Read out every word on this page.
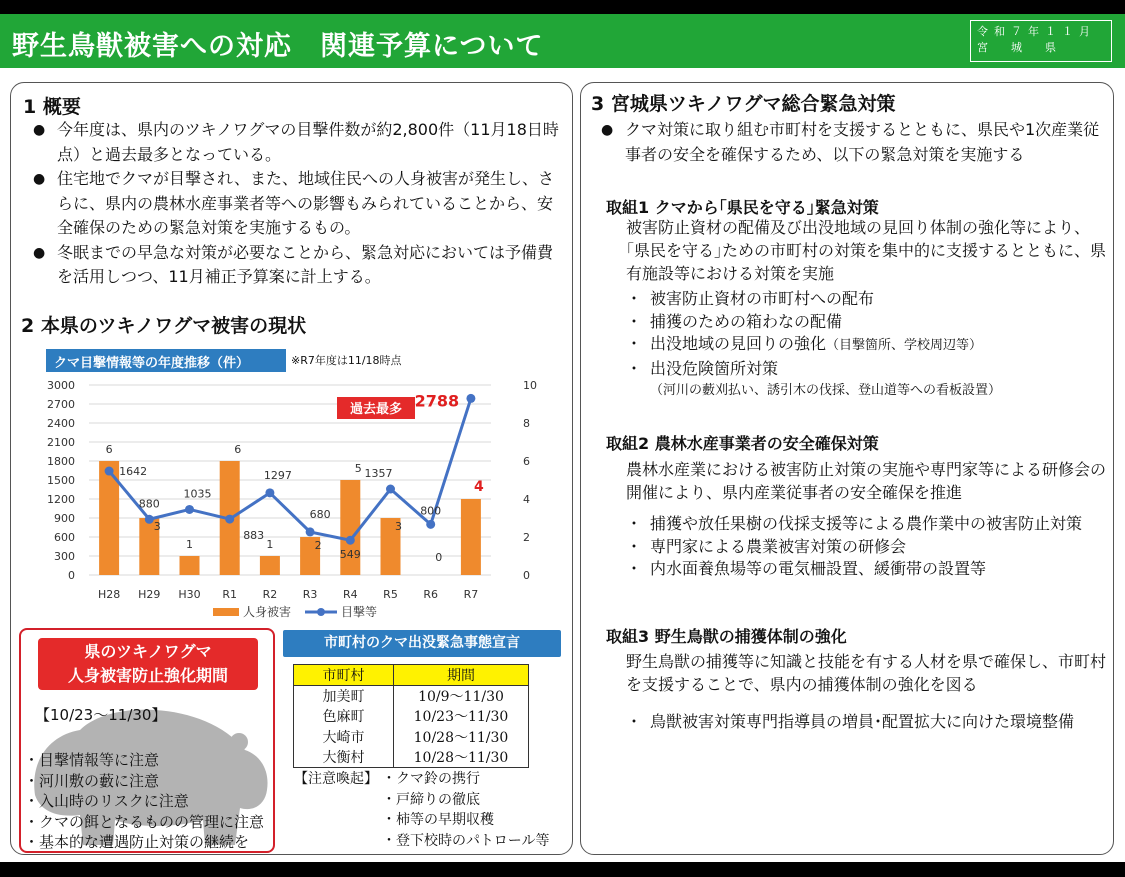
野生鳥獣被害への対応　関連予算について	令和７年１１月
宮　城　県
1 概要
● 今年度は、県内のツキノワグマの目撃件数が約2,800件（11月18日時点）と過去最多となっている。
● 住宅地でクマが目撃され、また、地域住民への人身被害が発生し、さらに、県内の農林水産事業者等への影響もみられていることから、安全確保のための緊急対策を実施するもの。
● 冬眠までの早急な対策が必要なことから、緊急対応においては予備費を活用しつつ、11月補正予算案に計上する。
2 本県のツキノワグマ被害の現状
クマ目撃情報等の年度推移（件）	※R7年度は11/18時点
0
300
600
900
1200
1500
1800
2100
2400
2700
3000
0
2
4
6
8
10
H28 H29 H30 R1 R2 R3 R4 R5 R6 R7
6
3
1
6
1	2
5
3
0
4
1642
880
1035
883
1297
680
549
1357
800
2788
過去最多
人身被害	目撃等
県のツキノワグマ
人身被害防止強化期間
【10/23～11/30】
・目撃情報等に注意
・河川敷の藪に注意
・入山時のリスクに注意
・クマの餌となるものの管理に注意
・基本的な遭遇防止対策の継続を
市町村のクマ出没緊急事態宣言
市町村	期間
加美町	10/9～11/30
色麻町	10/23～11/30
大崎市	10/28～11/30
大衡村	10/28～11/30
【注意喚起】 ・クマ鈴の携行
・戸締りの徹底
・柿等の早期収穫
・登下校時のパトロール等
3 宮城県ツキノワグマ総合緊急対策
● クマ対策に取り組む市町村を支援するとともに、県民や1次産業従事者の安全を確保するため、以下の緊急対策を実施する
取組1 クマから｢県民を守る｣緊急対策
被害防止資材の配備及び出没地域の見回り体制の強化等により、｢県民を守る｣ための市町村の対策を集中的に支援するとともに、県有施設等における対策を実施
・ 被害防止資材の市町村への配布
・ 捕獲のための箱わなの配備
・ 出没地域の見回りの強化（目撃箇所、学校周辺等）
・ 出没危険箇所対策
（河川の藪刈払い、誘引木の伐採、登山道等への看板設置）
取組2 農林水産事業者の安全確保対策
農林水産業における被害防止対策の実施や専門家等による研修会の開催により、県内産業従事者の安全確保を推進
・ 捕獲や放任果樹の伐採支援等による農作業中の被害防止対策
・ 専門家による農業被害対策の研修会
・ 内水面養魚場等の電気柵設置、緩衝帯の設置等
取組3 野生鳥獣の捕獲体制の強化
野生鳥獣の捕獲等に知識と技能を有する人材を県で確保し、市町村を支援することで、県内の捕獲体制の強化を図る
・ 鳥獣被害対策専門指導員の増員･配置拡大に向けた環境整備
